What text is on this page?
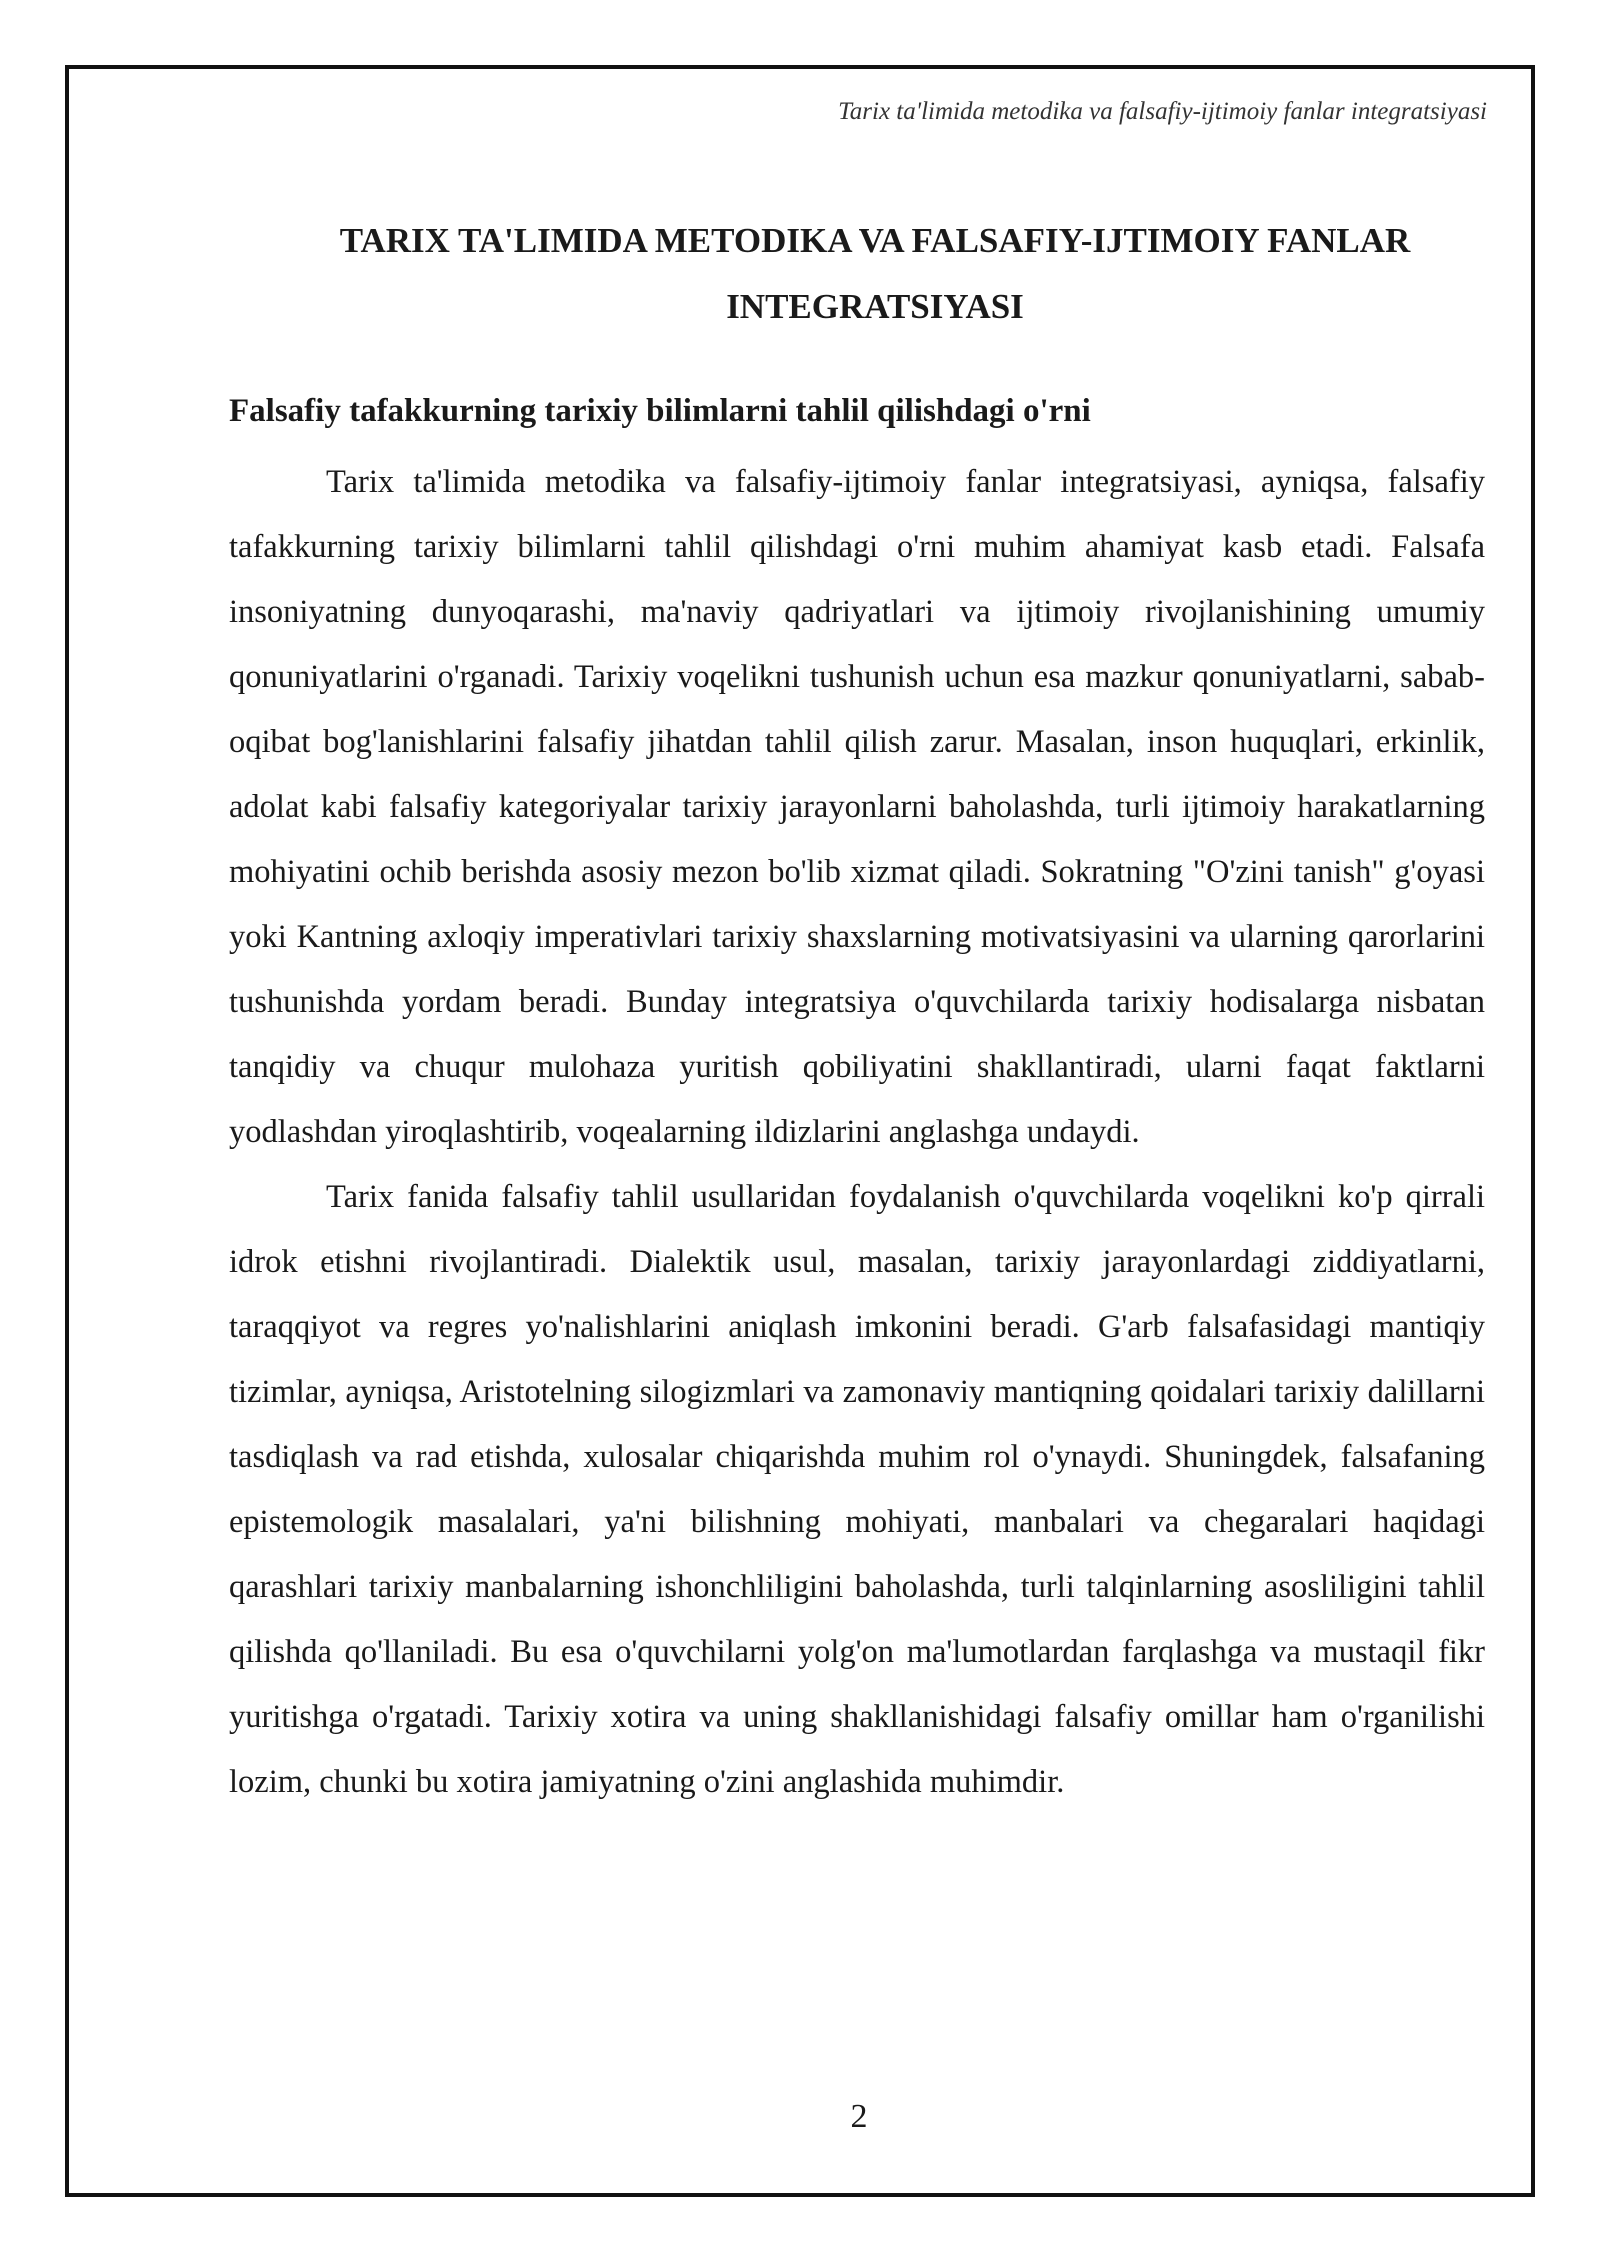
Tarix ta'limida metodika va falsafiy-ijtimoiy fanlar integratsiyasi
TARIX TA'LIMIDA METODIKA VA FALSAFIY-IJTIMOIY FANLAR INTEGRATSIYASI
Falsafiy tafakkurning tarixiy bilimlarni tahlil qilishdagi o'rni

Tarix ta'limida metodika va falsafiy-ijtimoiy fanlar integratsiyasi, ayniqsa, falsafiy tafakkurning tarixiy bilimlarni tahlil qilishdagi o'rni muhim ahamiyat kasb etadi. Falsafa insoniyatning dunyoqarashi, ma'naviy qadriyatlari va ijtimoiy rivojlanishining umumiy qonuniyatlarini o'rganadi. Tarixiy voqelikni tushunish uchun esa mazkur qonuniyatlarni, sabab-oqibat bog'lanishlarini falsafiy jihatdan tahlil qilish zarur. Masalan, inson huquqlari, erkinlik, adolat kabi falsafiy kategoriyalar tarixiy jarayonlarni baholashda, turli ijtimoiy harakatlarning mohiyatini ochib berishda asosiy mezon bo'lib xizmat qiladi. Sokratning "O'zini tanish" g'oyasi yoki Kantning axloqiy imperativlari tarixiy shaxslarning motivatsiyasini va ularning qarorlarini tushunishda yordam beradi. Bunday integratsiya o'quvchilarda tarixiy hodisalarga nisbatan tanqidiy va chuqur mulohaza yuritish qobiliyatini shakllantiradi, ularni faqat faktlarni yodlashdan yiroqlashtirib, voqealarning ildizlarini anglashga undaydi.

Tarix fanida falsafiy tahlil usullaridan foydalanish o'quvchilarda voqelikni ko'p qirrali idrok etishni rivojlantiradi. Dialektik usul, masalan, tarixiy jarayonlardagi ziddiyatlarni, taraqqiyot va regres yo'nalishlarini aniqlash imkonini beradi. G'arb falsafasidagi mantiqiy tizimlar, ayniqsa, Aristotelning silogizmlari va zamonaviy mantiqning qoidalari tarixiy dalillarni tasdiqlash va rad etishda, xulosalar chiqarishda muhim rol o'ynaydi. Shuningdek, falsafaning epistemologik masalalari, ya'ni bilishning mohiyati, manbalari va chegaralari haqidagi qarashlari tarixiy manbalarning ishonchliligini baholashda, turli talqinlarning asosliligini tahlil qilishda qo'llaniladi. Bu esa o'quvchilarni yolg'on ma'lumotlardan farqlashga va mustaqil fikr yuritishga o'rgatadi. Tarixiy xotira va uning shakllanishidagi falsafiy omillar ham o'rganilishi lozim, chunki bu xotira jamiyatning o'zini anglashida muhimdir.

2
